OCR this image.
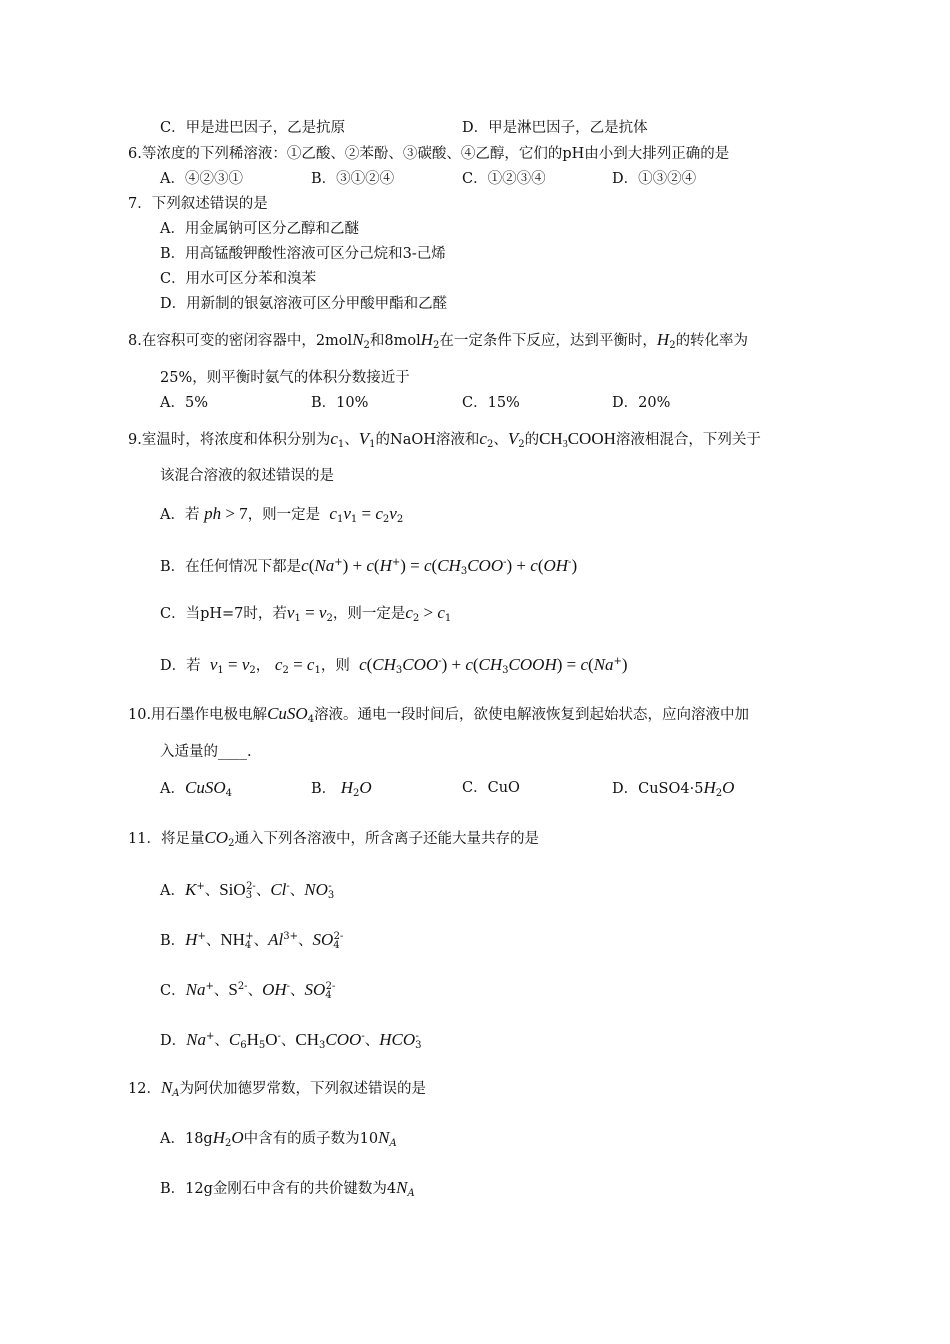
C．甲是进巴因子，乙是抗原	D．甲是淋巴因子，乙是抗体
6.等浓度的下列稀溶液：①乙酸、②苯酚、③碳酸、④乙醇，它们的pH由小到大排列正确的是
A．④②③①	B．③①②④	C．①②③④	D．①③②④
7．下列叙述错误的是
A．用金属钠可区分乙醇和乙醚
B．用高锰酸钾酸性溶液可区分己烷和3-己烯
C．用水可区分苯和溴苯
D．用新制的银氨溶液可区分甲酸甲酯和乙醛
8.在容积可变的密闭容器中，2molN$_2$和8molH$_2$在一定条件下反应，达到平衡时，$H_2$的转化率为
25%，则平衡时氨气的体积分数接近于
A．5%	B．10%	C．15%	D．20%
9.室温时，将浓度和体积分别为$c_1$、$V_1$的NaOH溶液和$c_2$、$V_2$的$CH_3COOH$溶液相混合，下列关于
该混合溶液的叙述错误的是
A．若 ph > 7，则一定是 $c_1v_1 = c_2v_2$
B．在任何情况下都是$c(Na^+) + c(H^+) = c(CH_3COO^-) + c(OH^-)$
C．当pH=7时，若$v_1 = v_2$，则一定是$c_2 > c_1$
D．若 $v_1 = v_2$， $c_2 = c_1$，则 $c(CH_3COO^-)$ + $c(CH_3COOH) = c(Na^+)$
10.用石墨作电极电解CuSO$_4$溶液。通电一段时间后，欲使电解液恢复到起始状态，应向溶液中加
入适量的____.
A．CuSO$_4$	B． $H_2O$	C．CuO	D．$CuSO4\cdot 5H_2O$
11．将足量$CO_2$通入下列各溶液中，所含离子还能大量共存的是
A．K+、SiO$_3^{2-}$、Cl-、$NO_3^-$
B．H+、$NH_4^+$、$Al^{3+}$、$SO_4^{2-}$
C．Na+、$S^{2-}$、OH-、$SO_4^{2-}$
D．Na+、$C_6H_5O^-$、$CH_3COO^-$、$HCO_3^-$
12．$N_A$为阿伏加德罗常数，下列叙述错误的是
A．$18gH_2O$中含有的质子数为$10N_A$
B．12g金刚石中含有的共价键数为$4N_A$
